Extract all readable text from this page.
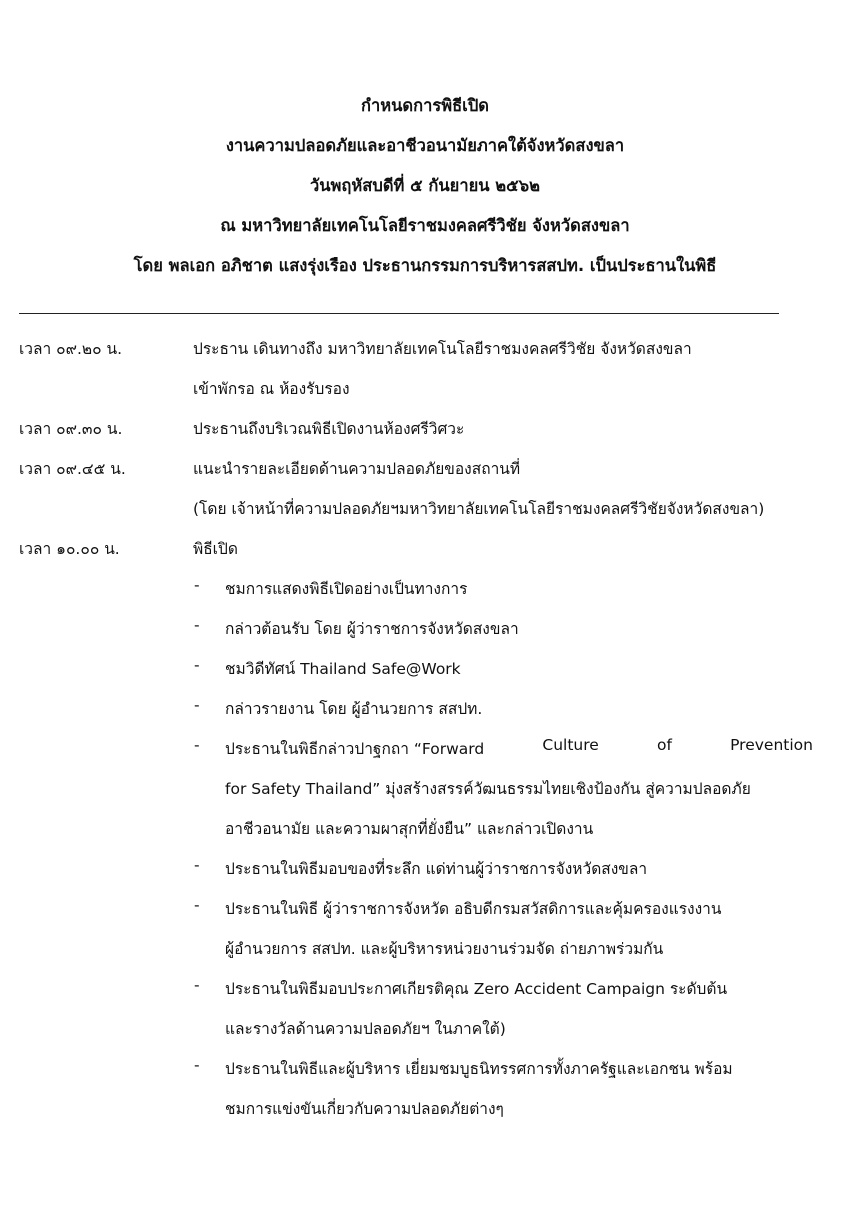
กำหนดการพิธีเปิด
งานความปลอดภัยและอาชีวอนามัยภาคใต้จังหวัดสงขลา
วันพฤหัสบดีที่ ๕ กันยายน ๒๕๖๒
ณ มหาวิทยาลัยเทคโนโลยีราชมงคลศรีวิชัย จังหวัดสงขลา
โดย พลเอก อภิชาต แสงรุ่งเรือง ประธานกรรมการบริหารสสปท. เป็นประธานในพิธี
เวลา ๐๙.๒๐ น.	ประธาน เดินทางถึง มหาวิทยาลัยเทคโนโลยีราชมงคลศรีวิชัย จังหวัดสงขลา
เข้าพักรอ ณ ห้องรับรอง
เวลา ๐๙.๓๐ น.	ประธานถึงบริเวณพิธีเปิดงานห้องศรีวิศวะ
เวลา ๐๙.๔๕ น.	แนะนำรายละเอียดด้านความปลอดภัยของสถานที่
(โดย เจ้าหน้าที่ความปลอดภัยฯมหาวิทยาลัยเทคโนโลยีราชมงคลศรีวิชัยจังหวัดสงขลา)
เวลา ๑๐.๐๐ น.	พิธีเปิด
- ชมการแสดงพิธีเปิดอย่างเป็นทางการ
- กล่าวต้อนรับ โดย ผู้ว่าราชการจังหวัดสงขลา
- ชมวิดีทัศน์ Thailand Safe@Work
- กล่าวรายงาน โดย ผู้อำนวยการ สสปท.
- ประธานในพิธีกล่าวปาฐกถา “Forward	Culture	of	Prevention
for Safety Thailand” มุ่งสร้างสรรค์วัฒนธรรมไทยเชิงป้องกัน สู่ความปลอดภัย
อาชีวอนามัย และความผาสุกที่ยั่งยืน” และกล่าวเปิดงาน
- ประธานในพิธีมอบของที่ระลึก แด่ท่านผู้ว่าราชการจังหวัดสงขลา
- ประธานในพิธี ผู้ว่าราชการจังหวัด อธิบดีกรมสวัสดิการและคุ้มครองแรงงาน
ผู้อำนวยการ สสปท. และผู้บริหารหน่วยงานร่วมจัด ถ่ายภาพร่วมกัน
- ประธานในพิธีมอบประกาศเกียรติคุณ Zero Accident Campaign ระดับต้น
และรางวัลด้านความปลอดภัยฯ ในภาคใต้)
- ประธานในพิธีและผู้บริหาร เยี่ยมชมบูธนิทรรศการทั้งภาครัฐและเอกชน พร้อม
ชมการแข่งขันเกี่ยวกับความปลอดภัยต่างๆ
